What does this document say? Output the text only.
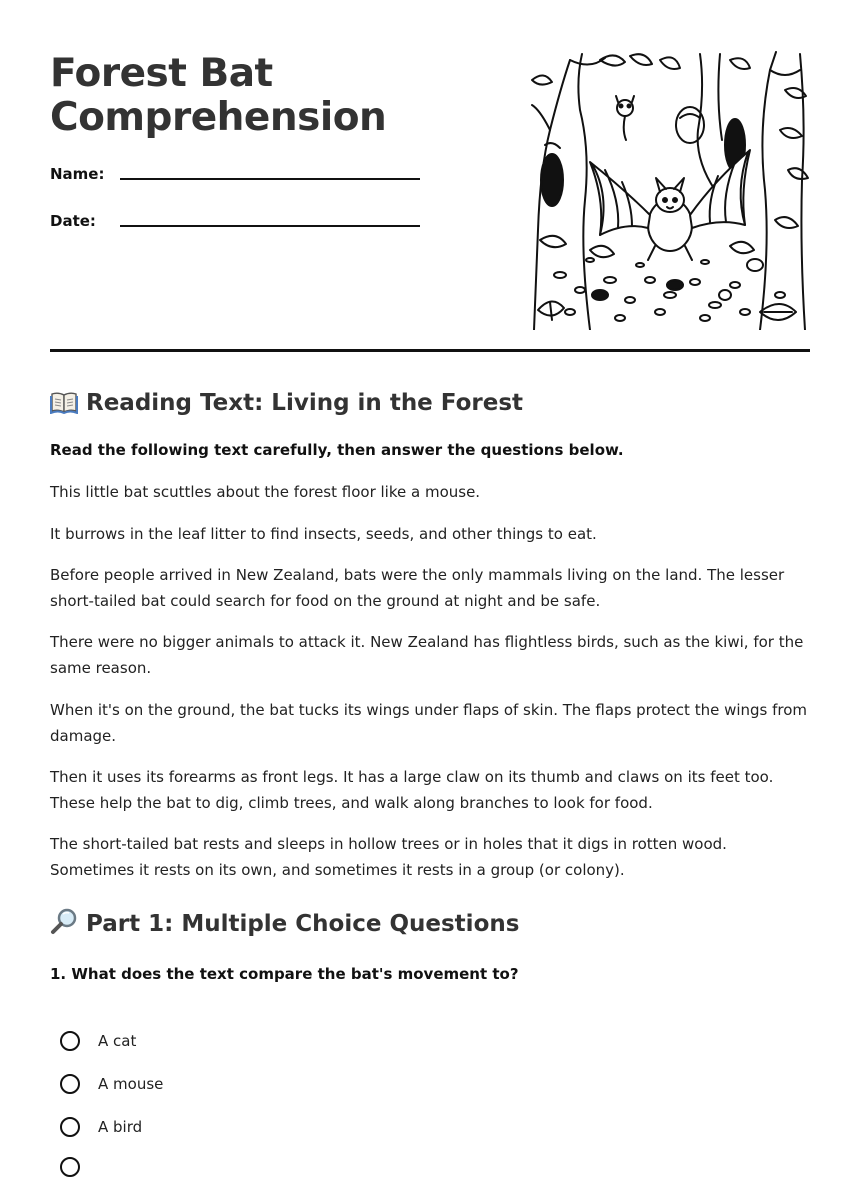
Forest Bat Comprehension
Name:
Date:
Reading Text: Living in the Forest
Read the following text carefully, then answer the questions below.

This little bat scuttles about the forest floor like a mouse.

It burrows in the leaf litter to find insects, seeds, and other things to eat.

Before people arrived in New Zealand, bats were the only mammals living on the land. The lesser short-tailed bat could search for food on the ground at night and be safe.

There were no bigger animals to attack it. New Zealand has flightless birds, such as the kiwi, for the same reason.

When it's on the ground, the bat tucks its wings under flaps of skin. The flaps protect the wings from damage.

Then it uses its forearms as front legs. It has a large claw on its thumb and claws on its feet too. These help the bat to dig, climb trees, and walk along branches to look for food.

The short-tailed bat rests and sleeps in hollow trees or in holes that it digs in rotten wood. Sometimes it rests on its own, and sometimes it rests in a group (or colony).

Part 1: Multiple Choice Questions
1. What does the text compare the bat's movement to?
A cat
A mouse
A bird
